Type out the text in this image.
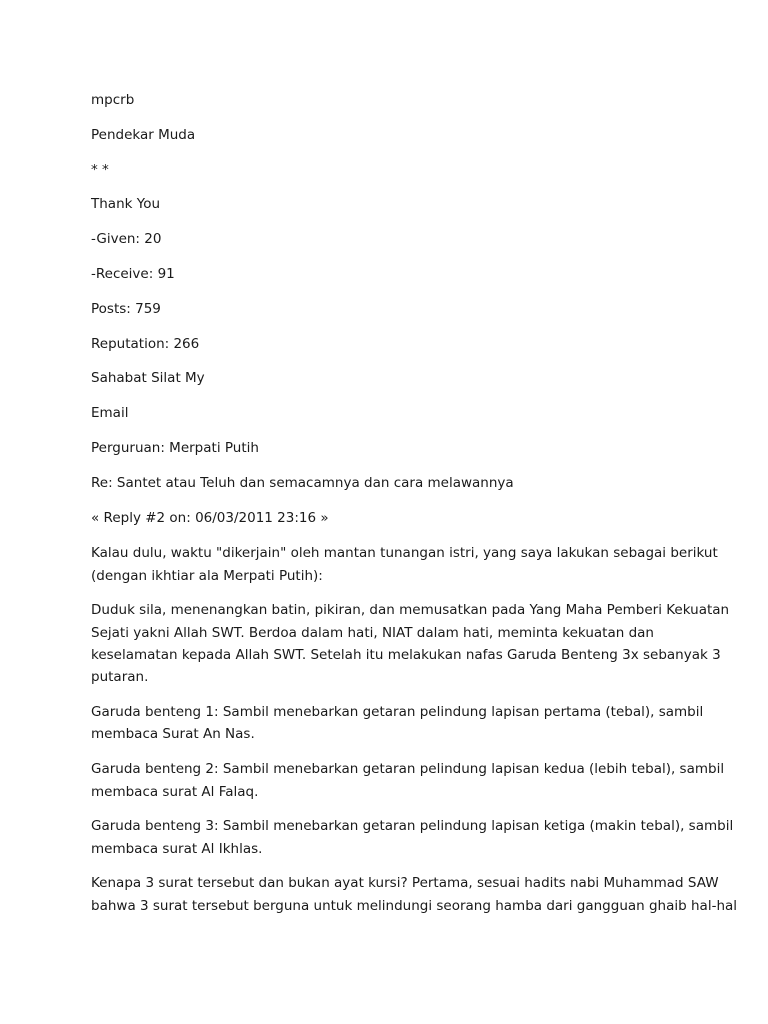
mpcrb
Pendekar Muda
* *
Thank You
-Given: 20
-Receive: 91
Posts: 759
Reputation: 266
Sahabat Silat My
Email
Perguruan: Merpati Putih
Re: Santet atau Teluh dan semacamnya dan cara melawannya
« Reply #2 on: 06/03/2011 23:16 »
Kalau dulu, waktu "dikerjain" oleh mantan tunangan istri, yang saya lakukan sebagai berikut
(dengan ikhtiar ala Merpati Putih):
Duduk sila, menenangkan batin, pikiran, dan memusatkan pada Yang Maha Pemberi Kekuatan
Sejati yakni Allah SWT. Berdoa dalam hati, NIAT dalam hati, meminta kekuatan dan
keselamatan kepada Allah SWT. Setelah itu melakukan nafas Garuda Benteng 3x sebanyak 3
putaran.
Garuda benteng 1: Sambil menebarkan getaran pelindung lapisan pertama (tebal), sambil
membaca Surat An Nas.
Garuda benteng 2: Sambil menebarkan getaran pelindung lapisan kedua (lebih tebal), sambil
membaca surat Al Falaq.
Garuda benteng 3: Sambil menebarkan getaran pelindung lapisan ketiga (makin tebal), sambil
membaca surat Al Ikhlas.
Kenapa 3 surat tersebut dan bukan ayat kursi? Pertama, sesuai hadits nabi Muhammad SAW
bahwa 3 surat tersebut berguna untuk melindungi seorang hamba dari gangguan ghaib hal-hal
